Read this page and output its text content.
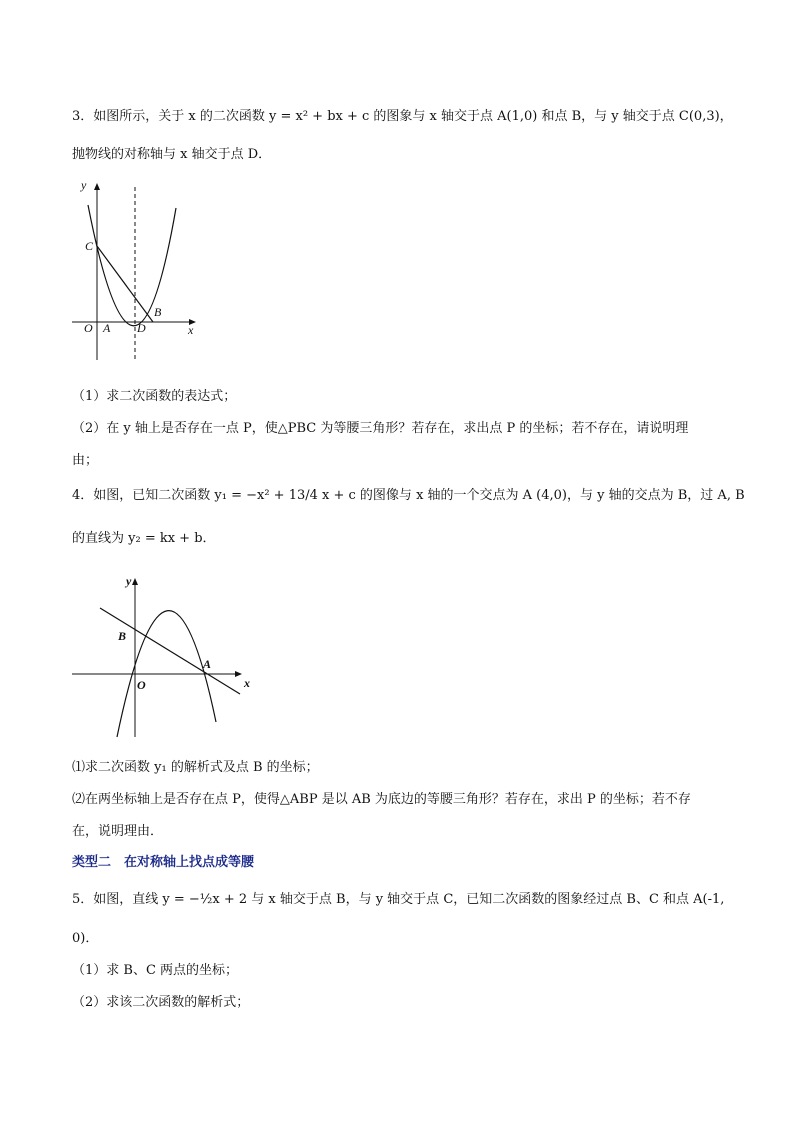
3．如图所示，关于 x 的二次函数 y = x² + bx + c 的图象与 x 轴交于点 A(1,0) 和点 B，与 y 轴交于点 C(0,3)，
抛物线的对称轴与 x 轴交于点 D．
y
x
O A D
B
C
（1）求二次函数的表达式；
（2）在 y 轴上是否存在一点 P，使△PBC 为等腰三角形？若存在，求出点 P 的坐标；若不存在，请说明理
由；
4．如图，已知二次函数 y₁ = −x² + 13/4 x + c 的图像与 x 轴的一个交点为 A (4,0)，与 y 轴的交点为 B，过 A, B
的直线为 y₂ = kx + b．
y
x
O
B
A
⑴求二次函数 y₁ 的解析式及点 B 的坐标；
⑵在两坐标轴上是否存在点 P，使得△ABP 是以 AB 为底边的等腰三角形？若存在，求出 P 的坐标；若不存
在，说明理由．
类型二　在对称轴上找点成等腰
5．如图，直线 y = −½x + 2 与 x 轴交于点 B，与 y 轴交于点 C，已知二次函数的图象经过点 B、C 和点 A(-1,
0)．
（1）求 B、C 两点的坐标；
（2）求该二次函数的解析式；
